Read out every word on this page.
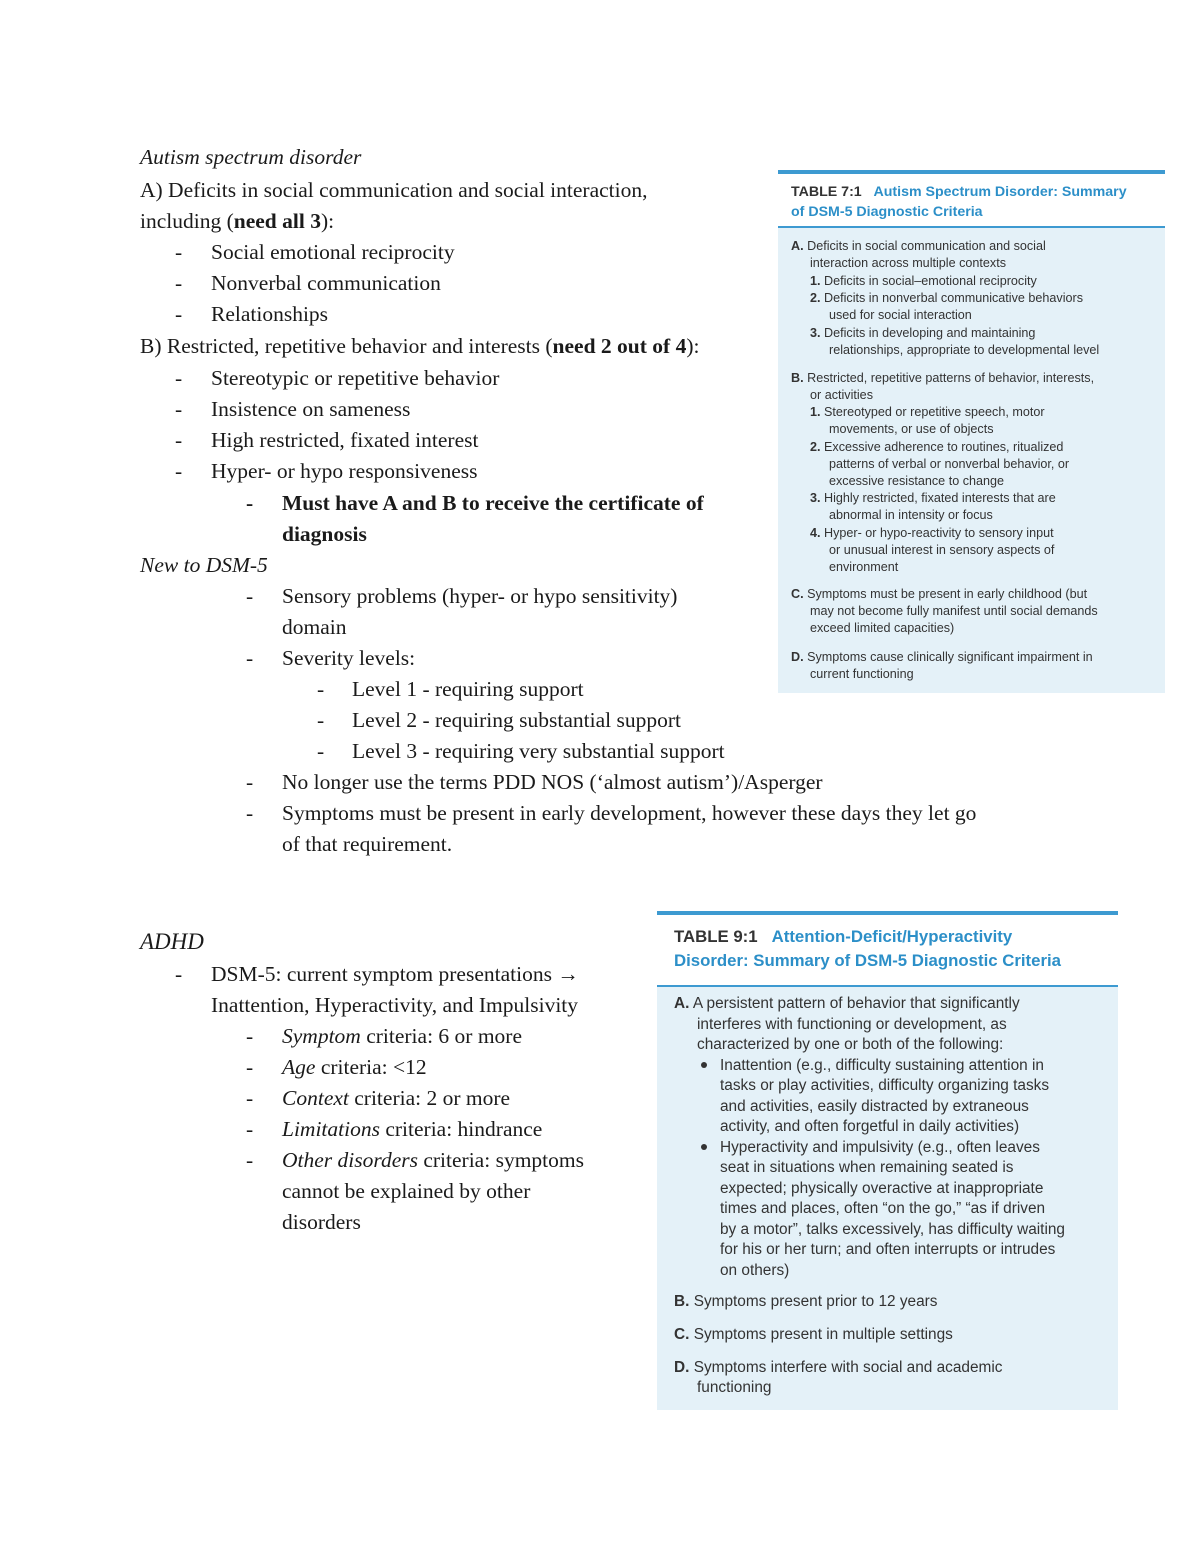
Autism spectrum disorder
A) Deficits in social communication and social interaction,
including (need all 3):
- Social emotional reciprocity
- Nonverbal communication
- Relationships
B) Restricted, repetitive behavior and interests (need 2 out of 4):
- Stereotypic or repetitive behavior
- Insistence on sameness
- High restricted, fixated interest
- Hyper- or hypo responsiveness
- Must have A and B to receive the certificate of
diagnosis
New to DSM-5
- Sensory problems (hyper- or hypo sensitivity)
domain
- Severity levels:
- Level 1 - requiring support
- Level 2 - requiring substantial support
- Level 3 - requiring very substantial support
- No longer use the terms PDD NOS (‘almost autism’)/Asperger
- Symptoms must be present in early development, however these days they let go
of that requirement.
ADHD
- DSM-5: current symptom presentations →
Inattention, Hyperactivity, and Impulsivity
- Symptom criteria: 6 or more
- Age criteria: <12
- Context criteria: 2 or more
- Limitations criteria: hindrance
- Other disorders criteria: symptoms
cannot be explained by other
disorders
TABLE 7:1 Autism Spectrum Disorder: Summary
of DSM-5 Diagnostic Criteria
A. Deficits in social communication and social
interaction across multiple contexts
1. Deficits in social–emotional reciprocity
2. Deficits in nonverbal communicative behaviors
used for social interaction
3. Deficits in developing and maintaining
relationships, appropriate to developmental level
B. Restricted, repetitive patterns of behavior, interests,
or activities
1. Stereotyped or repetitive speech, motor
movements, or use of objects
2. Excessive adherence to routines, ritualized
patterns of verbal or nonverbal behavior, or
excessive resistance to change
3. Highly restricted, fixated interests that are
abnormal in intensity or focus
4. Hyper- or hypo-reactivity to sensory input
or unusual interest in sensory aspects of
environment
C. Symptoms must be present in early childhood (but
may not become fully manifest until social demands
exceed limited capacities)
D. Symptoms cause clinically significant impairment in
current functioning
TABLE 9:1 Attention-Deficit/Hyperactivity
Disorder: Summary of DSM-5 Diagnostic Criteria
A. A persistent pattern of behavior that significantly
interferes with functioning or development, as
characterized by one or both of the following:
Inattention (e.g., difficulty sustaining attention in
tasks or play activities, difficulty organizing tasks
and activities, easily distracted by extraneous
activity, and often forgetful in daily activities)
Hyperactivity and impulsivity (e.g., often leaves
seat in situations when remaining seated is
expected; physically overactive at inappropriate
times and places, often “on the go,” “as if driven
by a motor”, talks excessively, has difficulty waiting
for his or her turn; and often interrupts or intrudes
on others)
B. Symptoms present prior to 12 years
C. Symptoms present in multiple settings
D. Symptoms interfere with social and academic
functioning
